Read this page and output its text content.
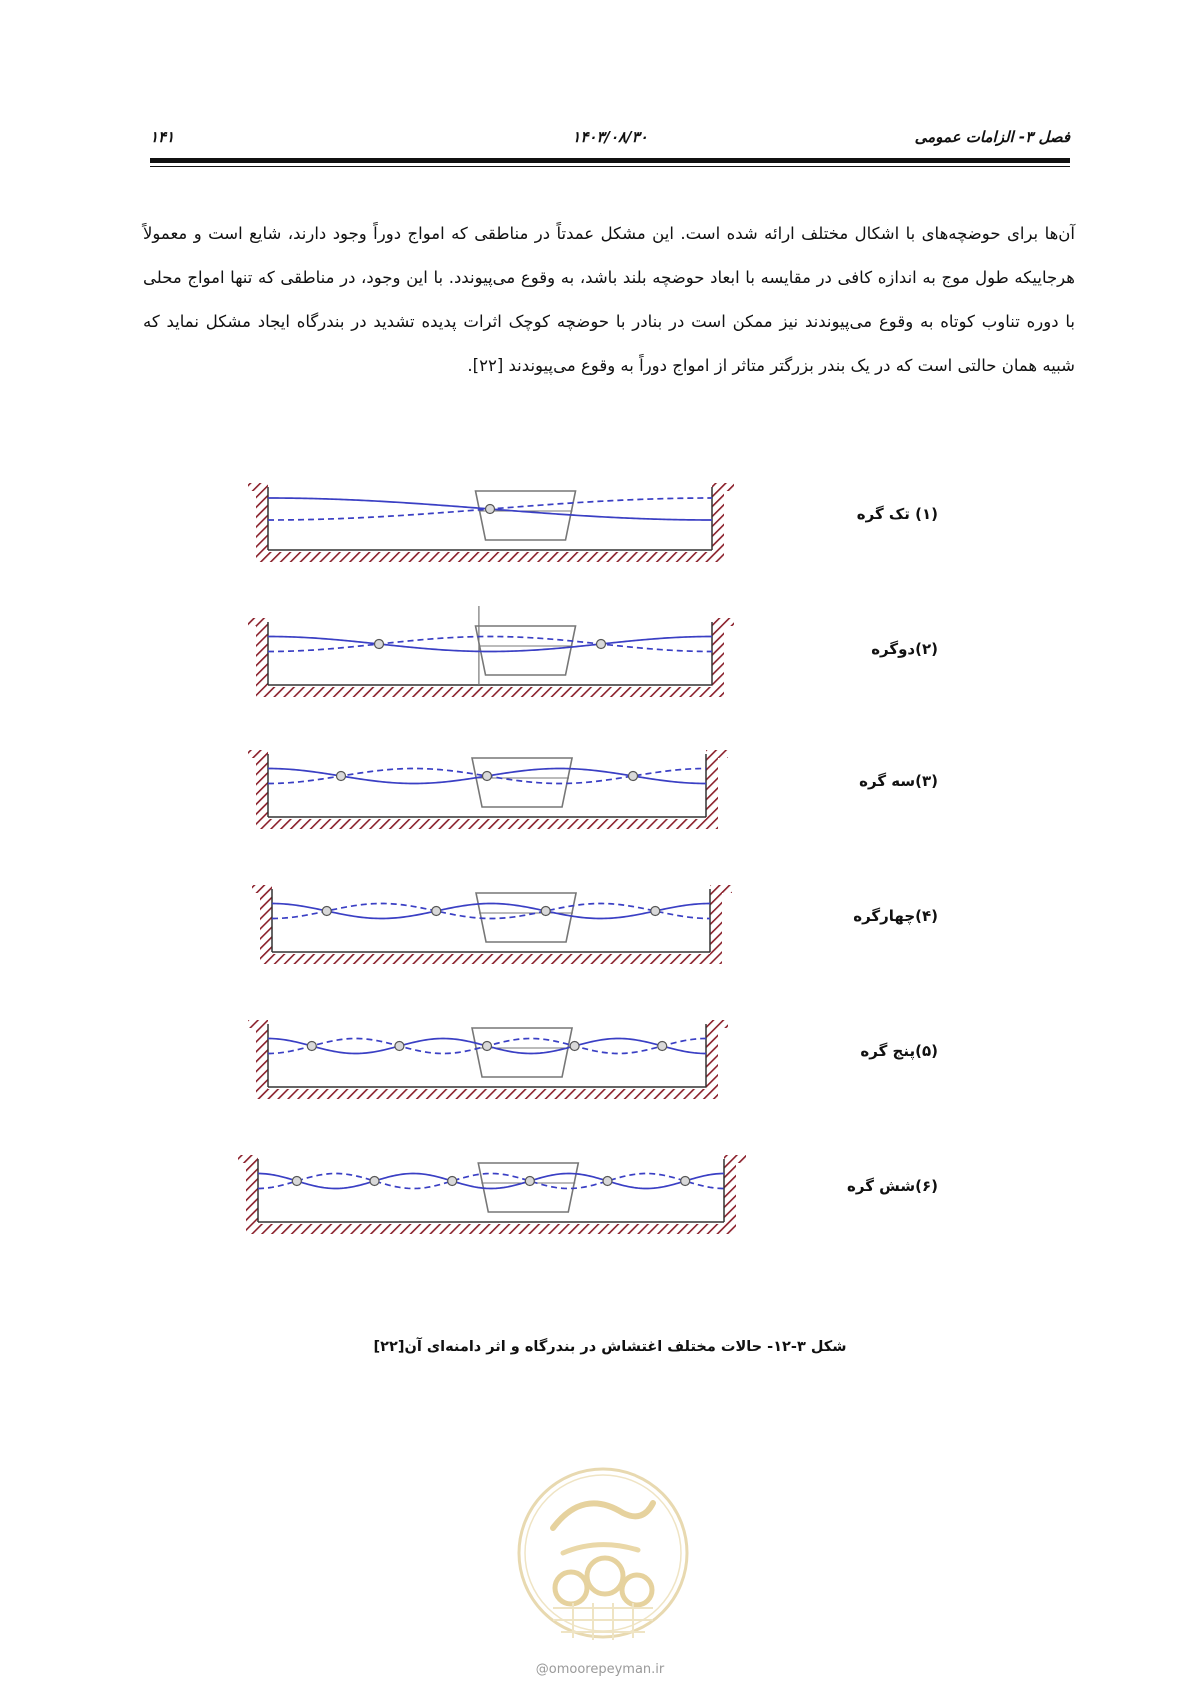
فصل ۳- الزامات عمومی
۱۴۰۳/۰۸/۳۰
۱۴۱

آن‌ها برای حوضچه‌های با اشکال مختلف ارائه شده است. این مشکل عمدتاً در مناطقی که امواج دوراً وجود دارند، شایع است و معمولاً هرجاییکه طول موج به اندازه کافی در مقایسه با ابعاد حوضچه بلند باشد، به وقوع می‌پیوندد. با این وجود، در مناطقی که تنها امواج محلی با دوره تناوب کوتاه به وقوع می‌پیوندند نیز ممکن است در بنادر با حوضچه کوچک اثرات پدیده تشدید در بندرگاه ایجاد مشکل نماید که شبیه همان حالتی است که در یک بندر بزرگتر متاثر از امواج دوراً به وقوع می‌پیوندند [۲۲].

(۱) تک گره
(۲)دوگره
(۳)سه گره
(۴)چهارگره
(۵)پنج گره
(۶)شش گره
شکل ۳-۱۲- حالات مختلف اغتشاش در بندرگاه و اثر دامنه‌ای آن[۲۲]
@omoorepeyman.ir
